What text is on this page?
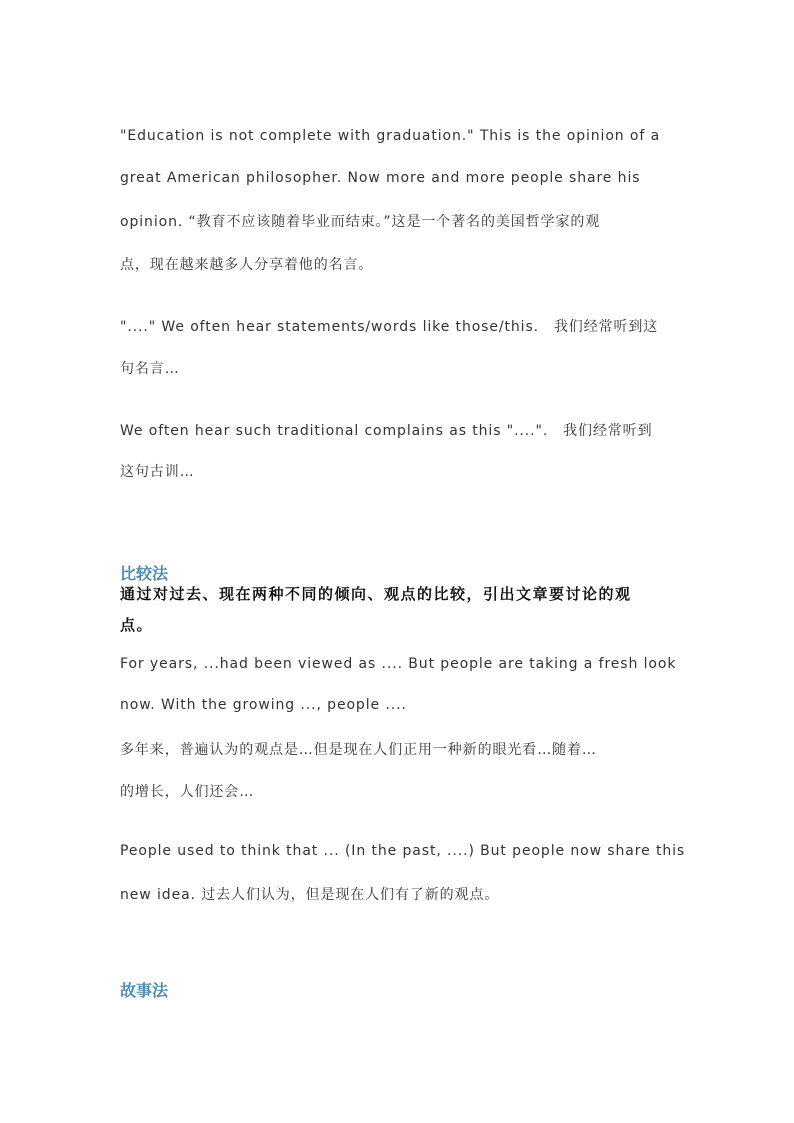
"Education is not complete with graduation." This is the opinion of a
great American philosopher. Now more and more people share his
opinion. “教育不应该随着毕业而结束。”这是一个著名的美国哲学家的观
点，现在越来越多人分享着他的名言。
"...." We often hear statements/words like those/this.　我们经常听到这
句名言…
We often hear such traditional complains as this "....".　我们经常听到
这句古训…
比较法
通过对过去、现在两种不同的倾向、观点的比较，引出文章要讨论的观
点。
For years, ...had been viewed as .... But people are taking a fresh look
now. With the growing ..., people ....
多年来，普遍认为的观点是…但是现在人们正用一种新的眼光看…随着…
的增长，人们还会…
People used to think that ... (In the past, ....) But people now share this
new idea. 过去人们认为，但是现在人们有了新的观点。
故事法
